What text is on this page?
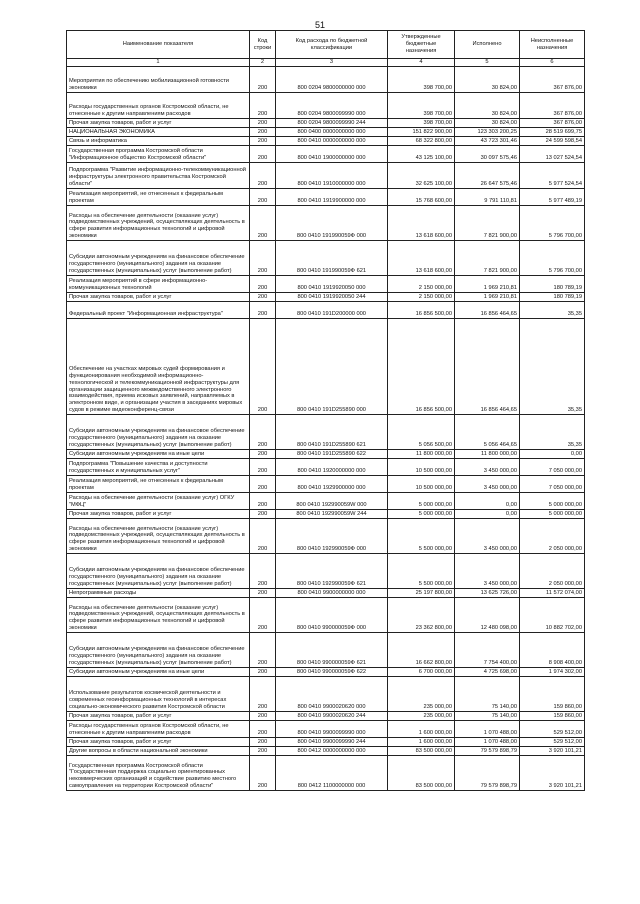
51
Наименование показателя	Код строки	Код расхода по бюджетной классификации	Утвержденные бюджетные назначения	Исполнено	Неисполненные назначения
1	2	3	4	5	6
Мероприятия по обеспечению мобилизационной готовности экономики	200	800 0204 9800000000 000	398 700,00	30 824,00	367 876,00
Расходы государственных органов Костромской области, не отнесенные к другим направлениям расходов	200	800 0204 9800099990 000	398 700,00	30 824,00	367 876,00
Прочая закупка товаров, работ и услуг	200	800 0204 9800099990 244	398 700,00	30 824,00	367 876,00
НАЦИОНАЛЬНАЯ ЭКОНОМИКА	200	800 0400 0000000000 000	151 822 900,00	123 303 200,25	28 519 699,75
Связь и информатика	200	800 0410 0000000000 000	68 322 800,00	43 723 301,46	24 599 598,54
Государственная программа Костромской области "Информационное общество Костромской области"	200	800 0410 1900000000 000	43 125 100,00	30 097 575,46	13 027 524,54
Подпрограмма "Развитие информационно-телекоммуникационной инфраструктуры электронного правительства Костромской области"	200	800 0410 1910000000 000	32 625 100,00	26 647 575,46	5 977 524,54
Реализация мероприятий, не отнесенных к федеральным проектам	200	800 0410 1919900000 000	15 768 600,00	9 791 110,81	5 977 489,19
Расходы на обеспечение деятельности (оказание услуг) подведомственных учреждений, осуществляющих деятельность в сфере развития информационных технологий и цифровой экономики	200	800 0410 191990059Ф 000	13 618 600,00	7 821 900,00	5 796 700,00
Субсидии автономным учреждениям на финансовое обеспечение государственного (муниципального) задания на оказание государственных (муниципальных) услуг (выполнение работ)	200	800 0410 191990059Ф 621	13 618 600,00	7 821 900,00	5 796 700,00
Реализация мероприятий в сфере информационно-коммуникационных технологий	200	800 0410 1919920050 000	2 150 000,00	1 969 210,81	180 789,19
Прочая закупка товаров, работ и услуг	200	800 0410 1919920050 244	2 150 000,00	1 969 210,81	180 789,19
Федеральный проект "Информационная инфраструктура"	200	800 0410 191D200000 000	16 856 500,00	16 856 464,65	35,35
Обеспечение на участках мировых судей формирования и функционирования необходимой информационно-технологической и телекоммуникационной инфраструктуры для организации защищенного межведомственного электронного взаимодействия, приема исковых заявлений, направляемых в электронном виде, и организации участия в заседаниях мировых судов в режиме видеоконференц-связи	200	800 0410 191D255890 000	16 856 500,00	16 856 464,65	35,35
Субсидии автономным учреждениям на финансовое обеспечение государственного (муниципального) задания на оказание государственных (муниципальных) услуг (выполнение работ)	200	800 0410 191D255890 621	5 056 500,00	5 056 464,65	35,35
Субсидии автономным учреждениям на иные цели	200	800 0410 191D255890 622	11 800 000,00	11 800 000,00	0,00
Подпрограмма "Повышение качества и доступности государственных и муниципальных услуг"	200	800 0410 1920000000 000	10 500 000,00	3 450 000,00	7 050 000,00
Реализация мероприятий, не отнесенных к федеральным проектам	200	800 0410 1929900000 000	10 500 000,00	3 450 000,00	7 050 000,00
Расходы на обеспечение деятельности (оказание услуг) ОГКУ "МФЦ"	200	800 0410 192990059W 000	5 000 000,00	0,00	5 000 000,00
Прочая закупка товаров, работ и услуг	200	800 0410 192990059W 244	5 000 000,00	0,00	5 000 000,00
Расходы на обеспечение деятельности (оказание услуг) подведомственных учреждений, осуществляющих деятельность в сфере развития информационных технологий и цифровой экономики	200	800 0410 192990059Ф 000	5 500 000,00	3 450 000,00	2 050 000,00
Субсидии автономным учреждениям на финансовое обеспечение государственного (муниципального) задания на оказание государственных (муниципальных) услуг (выполнение работ)	200	800 0410 192990059Ф 621	5 500 000,00	3 450 000,00	2 050 000,00
Непрограммные расходы	200	800 0410 9900000000 000	25 197 800,00	13 625 726,00	11 572 074,00
Расходы на обеспечение деятельности (оказание услуг) подведомственных учреждений, осуществляющих деятельность в сфере развития информационных технологий и цифровой экономики	200	800 0410 990000059Ф 000	23 362 800,00	12 480 098,00	10 882 702,00
Субсидии автономным учреждениям на финансовое обеспечение государственного (муниципального) задания на оказание государственных (муниципальных) услуг (выполнение работ)	200	800 0410 990000059Ф 621	16 662 800,00	7 754 400,00	8 908 400,00
Субсидии автономным учреждениям на иные цели	200	800 0410 990000059Ф 622	6 700 000,00	4 725 698,00	1 974 302,00
Использование результатов космической деятельности и современных геоинформационных технологий в интересах социально-экономического развития Костромской области	200	800 0410 9900020620 000	235 000,00	75 140,00	159 860,00
Прочая закупка товаров, работ и услуг	200	800 0410 9900020620 244	235 000,00	75 140,00	159 860,00
Расходы государственных органов Костромской области, не отнесенные к другим направлениям расходов	200	800 0410 9900099990 000	1 600 000,00	1 070 488,00	529 512,00
Прочая закупка товаров, работ и услуг	200	800 0410 9900099990 244	1 600 000,00	1 070 488,00	529 512,00
Другие вопросы в области национальной экономики	200	800 0412 0000000000 000	83 500 000,00	79 579 898,79	3 920 101,21
Государственная программа Костромской области "Государственная поддержка социально ориентированных некоммерческих организаций и содействие развитию местного самоуправления на территории Костромской области"	200	800 0412 1100000000 000	83 500 000,00	79 579 898,79	3 920 101,21
